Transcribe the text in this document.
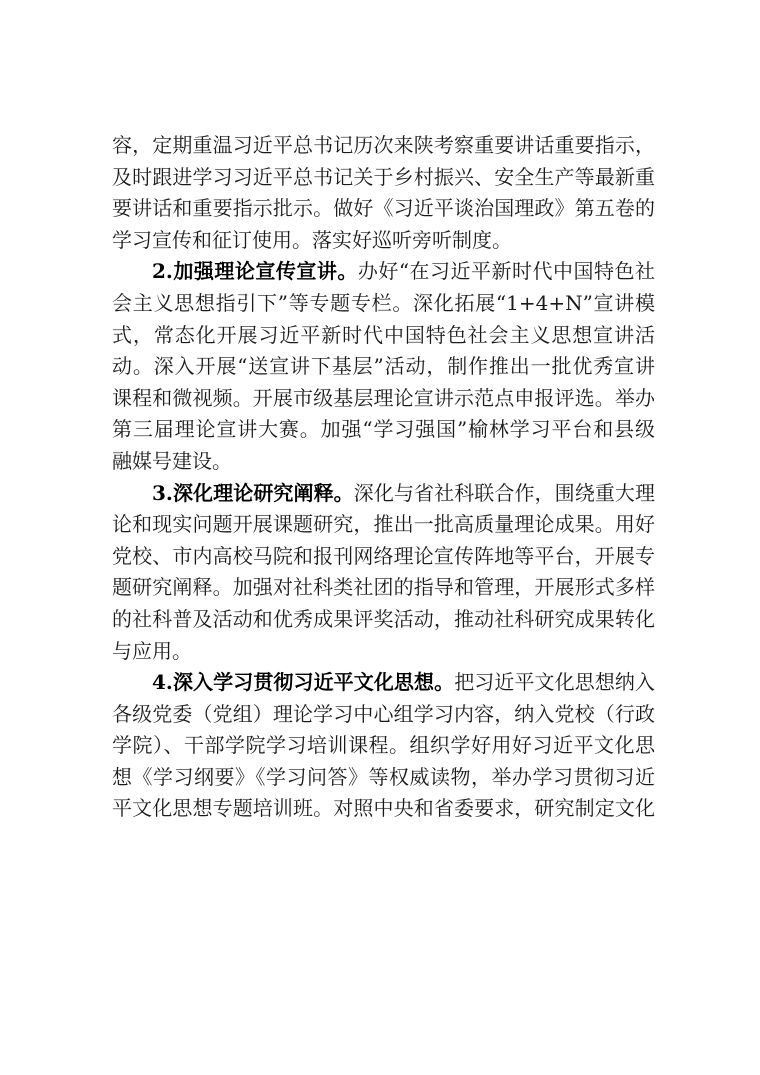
容，定期重温习近平总书记历次来陕考察重要讲话重要指示，
及时跟进学习习近平总书记关于乡村振兴、安全生产等最新重
要讲话和重要指示批示。做好《习近平谈治国理政》第五卷的
学习宣传和征订使用。落实好巡听旁听制度。
2.加强理论宣传宣讲。办好“在习近平新时代中国特色社
会主义思想指引下”等专题专栏。深化拓展“1+4+N”宣讲模
式，常态化开展习近平新时代中国特色社会主义思想宣讲活
动。深入开展“送宣讲下基层”活动，制作推出一批优秀宣讲
课程和微视频。开展市级基层理论宣讲示范点申报评选。举办
第三届理论宣讲大赛。加强“学习强国”榆林学习平台和县级
融媒号建设。
3.深化理论研究阐释。深化与省社科联合作，围绕重大理
论和现实问题开展课题研究，推出一批高质量理论成果。用好
党校、市内高校马院和报刊网络理论宣传阵地等平台，开展专
题研究阐释。加强对社科类社团的指导和管理，开展形式多样
的社科普及活动和优秀成果评奖活动，推动社科研究成果转化
与应用。
4.深入学习贯彻习近平文化思想。把习近平文化思想纳入
各级党委（党组）理论学习中心组学习内容，纳入党校（行政
学院）、干部学院学习培训课程。组织学好用好习近平文化思
想《学习纲要》《学习问答》等权威读物，举办学习贯彻习近
平文化思想专题培训班。对照中央和省委要求，研究制定文化
